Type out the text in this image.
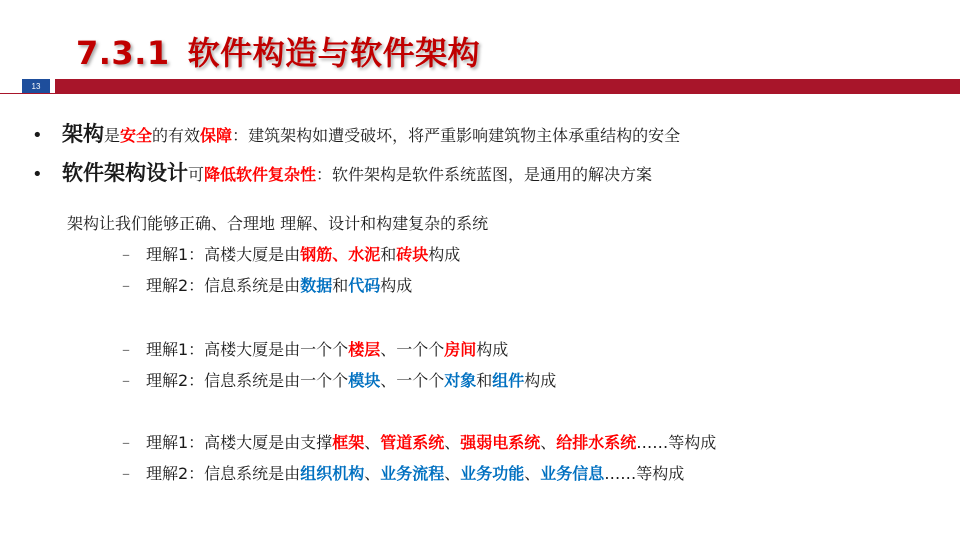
7.3.1 软件构造与软件架构
13
• 架构是安全的有效保障：建筑架构如遭受破坏，将严重影响建筑物主体承重结构的安全
• 软件架构设计可降低软件复杂性：软件架构是软件系统蓝图，是通用的解决方案
架构让我们能够正确、合理地 理解、设计和构建复杂的系统
– 理解1：高楼大厦是由钢筋、水泥和砖块构成
– 理解2：信息系统是由数据和代码构成
– 理解1：高楼大厦是由一个个楼层、一个个房间构成
– 理解2：信息系统是由一个个模块、一个个对象和组件构成
– 理解1：高楼大厦是由支撑框架、管道系统、强弱电系统、给排水系统……等构成
– 理解2：信息系统是由组织机构、业务流程、业务功能、业务信息……等构成
